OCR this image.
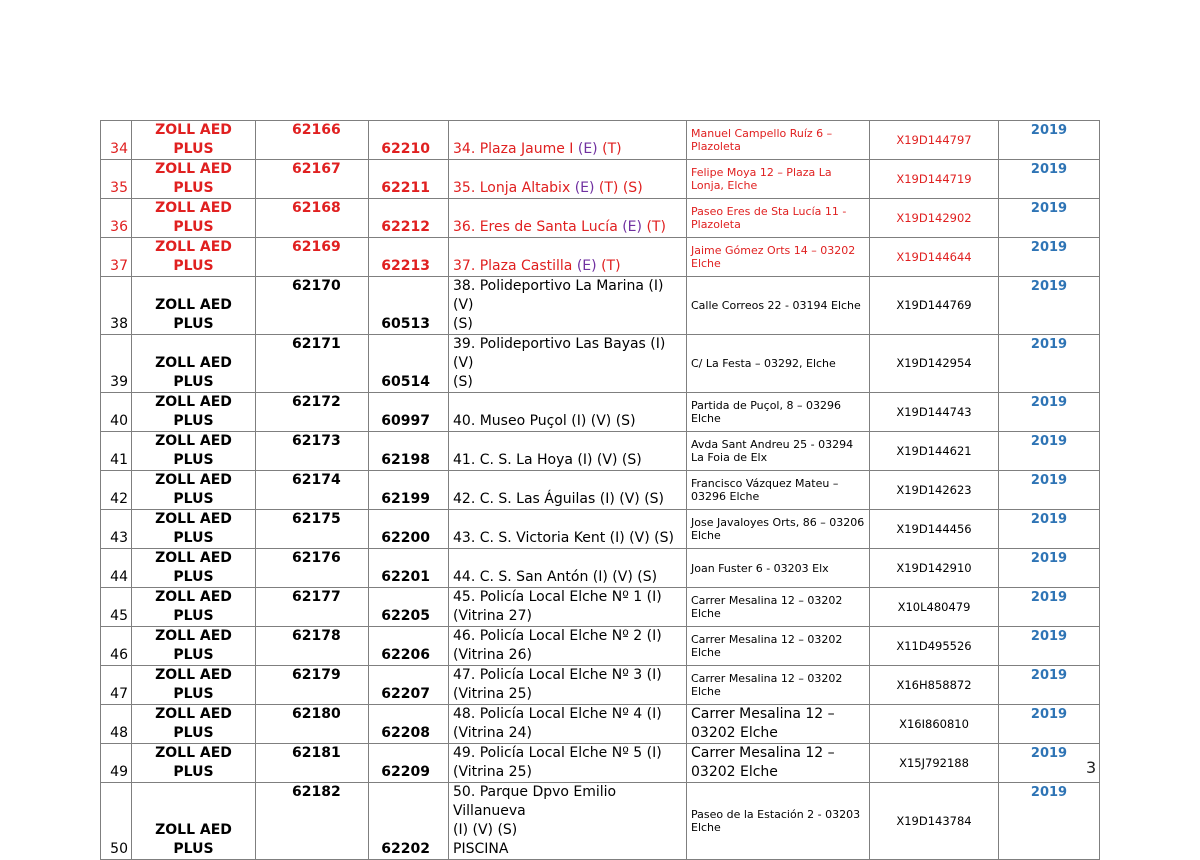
34	ZOLL AED PLUS	62166	62210	34. Plaza Jaume I (E) (T)	Manuel Campello Ruíz 6 – Plazoleta	X19D144797	2019
35	ZOLL AED PLUS	62167	62211	35. Lonja Altabix (E) (T) (S)	Felipe Moya 12 – Plaza La Lonja, Elche	X19D144719	2019
36	ZOLL AED PLUS	62168	62212	36. Eres de Santa Lucía (E) (T)	Paseo Eres de Sta Lucía 11 - Plazoleta	X19D142902	2019
37	ZOLL AED PLUS	62169	62213	37. Plaza Castilla (E) (T)	Jaime Gómez Orts 14 – 03202 Elche	X19D144644	2019
38	ZOLL AED PLUS	62170	60513	38. Polideportivo La Marina (I) (V)
(S)	Calle Correos 22 - 03194 Elche	X19D144769	2019
39	ZOLL AED PLUS	62171	60514	39. Polideportivo Las Bayas (I) (V)
(S)	C/ La Festa – 03292, Elche	X19D142954	2019
40	ZOLL AED PLUS	62172	60997	40. Museo Puçol (I) (V) (S)	Partida de Puçol, 8 – 03296 Elche	X19D144743	2019
41	ZOLL AED PLUS	62173	62198	41. C. S. La Hoya (I) (V) (S)	Avda Sant Andreu 25 - 03294 La Foia de Elx	X19D144621	2019
42	ZOLL AED PLUS	62174	62199	42. C. S. Las Águilas (I) (V) (S)	Francisco Vázquez Mateu – 03296 Elche	X19D142623	2019
43	ZOLL AED PLUS	62175	62200	43. C. S. Victoria Kent (I) (V) (S)	Jose Javaloyes Orts, 86 – 03206 Elche	X19D144456	2019
44	ZOLL AED PLUS	62176	62201	44. C. S. San Antón (I) (V) (S)	Joan Fuster 6 - 03203 Elx	X19D142910	2019
45	ZOLL AED PLUS	62177	62205	45. Policía Local Elche Nº 1 (I)
(Vitrina 27)	Carrer Mesalina 12 – 03202 Elche	X10L480479	2019
46	ZOLL AED PLUS	62178	62206	46. Policía Local Elche Nº 2 (I)
(Vitrina 26)	Carrer Mesalina 12 – 03202 Elche	X11D495526	2019
47	ZOLL AED PLUS	62179	62207	47. Policía Local Elche Nº 3 (I)
(Vitrina 25)	Carrer Mesalina 12 – 03202 Elche	X16H858872	2019
48	ZOLL AED PLUS	62180	62208	48. Policía Local Elche Nº 4 (I)
(Vitrina 24)	Carrer Mesalina 12 – 03202 Elche	X16I860810	2019
49	ZOLL AED PLUS	62181	62209	49. Policía Local Elche Nº 5 (I)
(Vitrina 25)	Carrer Mesalina 12 – 03202 Elche	X15J792188	2019
50	ZOLL AED PLUS	62182	62202	50. Parque Dpvo Emilio Villanueva
(I) (V) (S)
PISCINA	Paseo de la Estación 2 - 03203 Elche	X19D143784	2019
3
